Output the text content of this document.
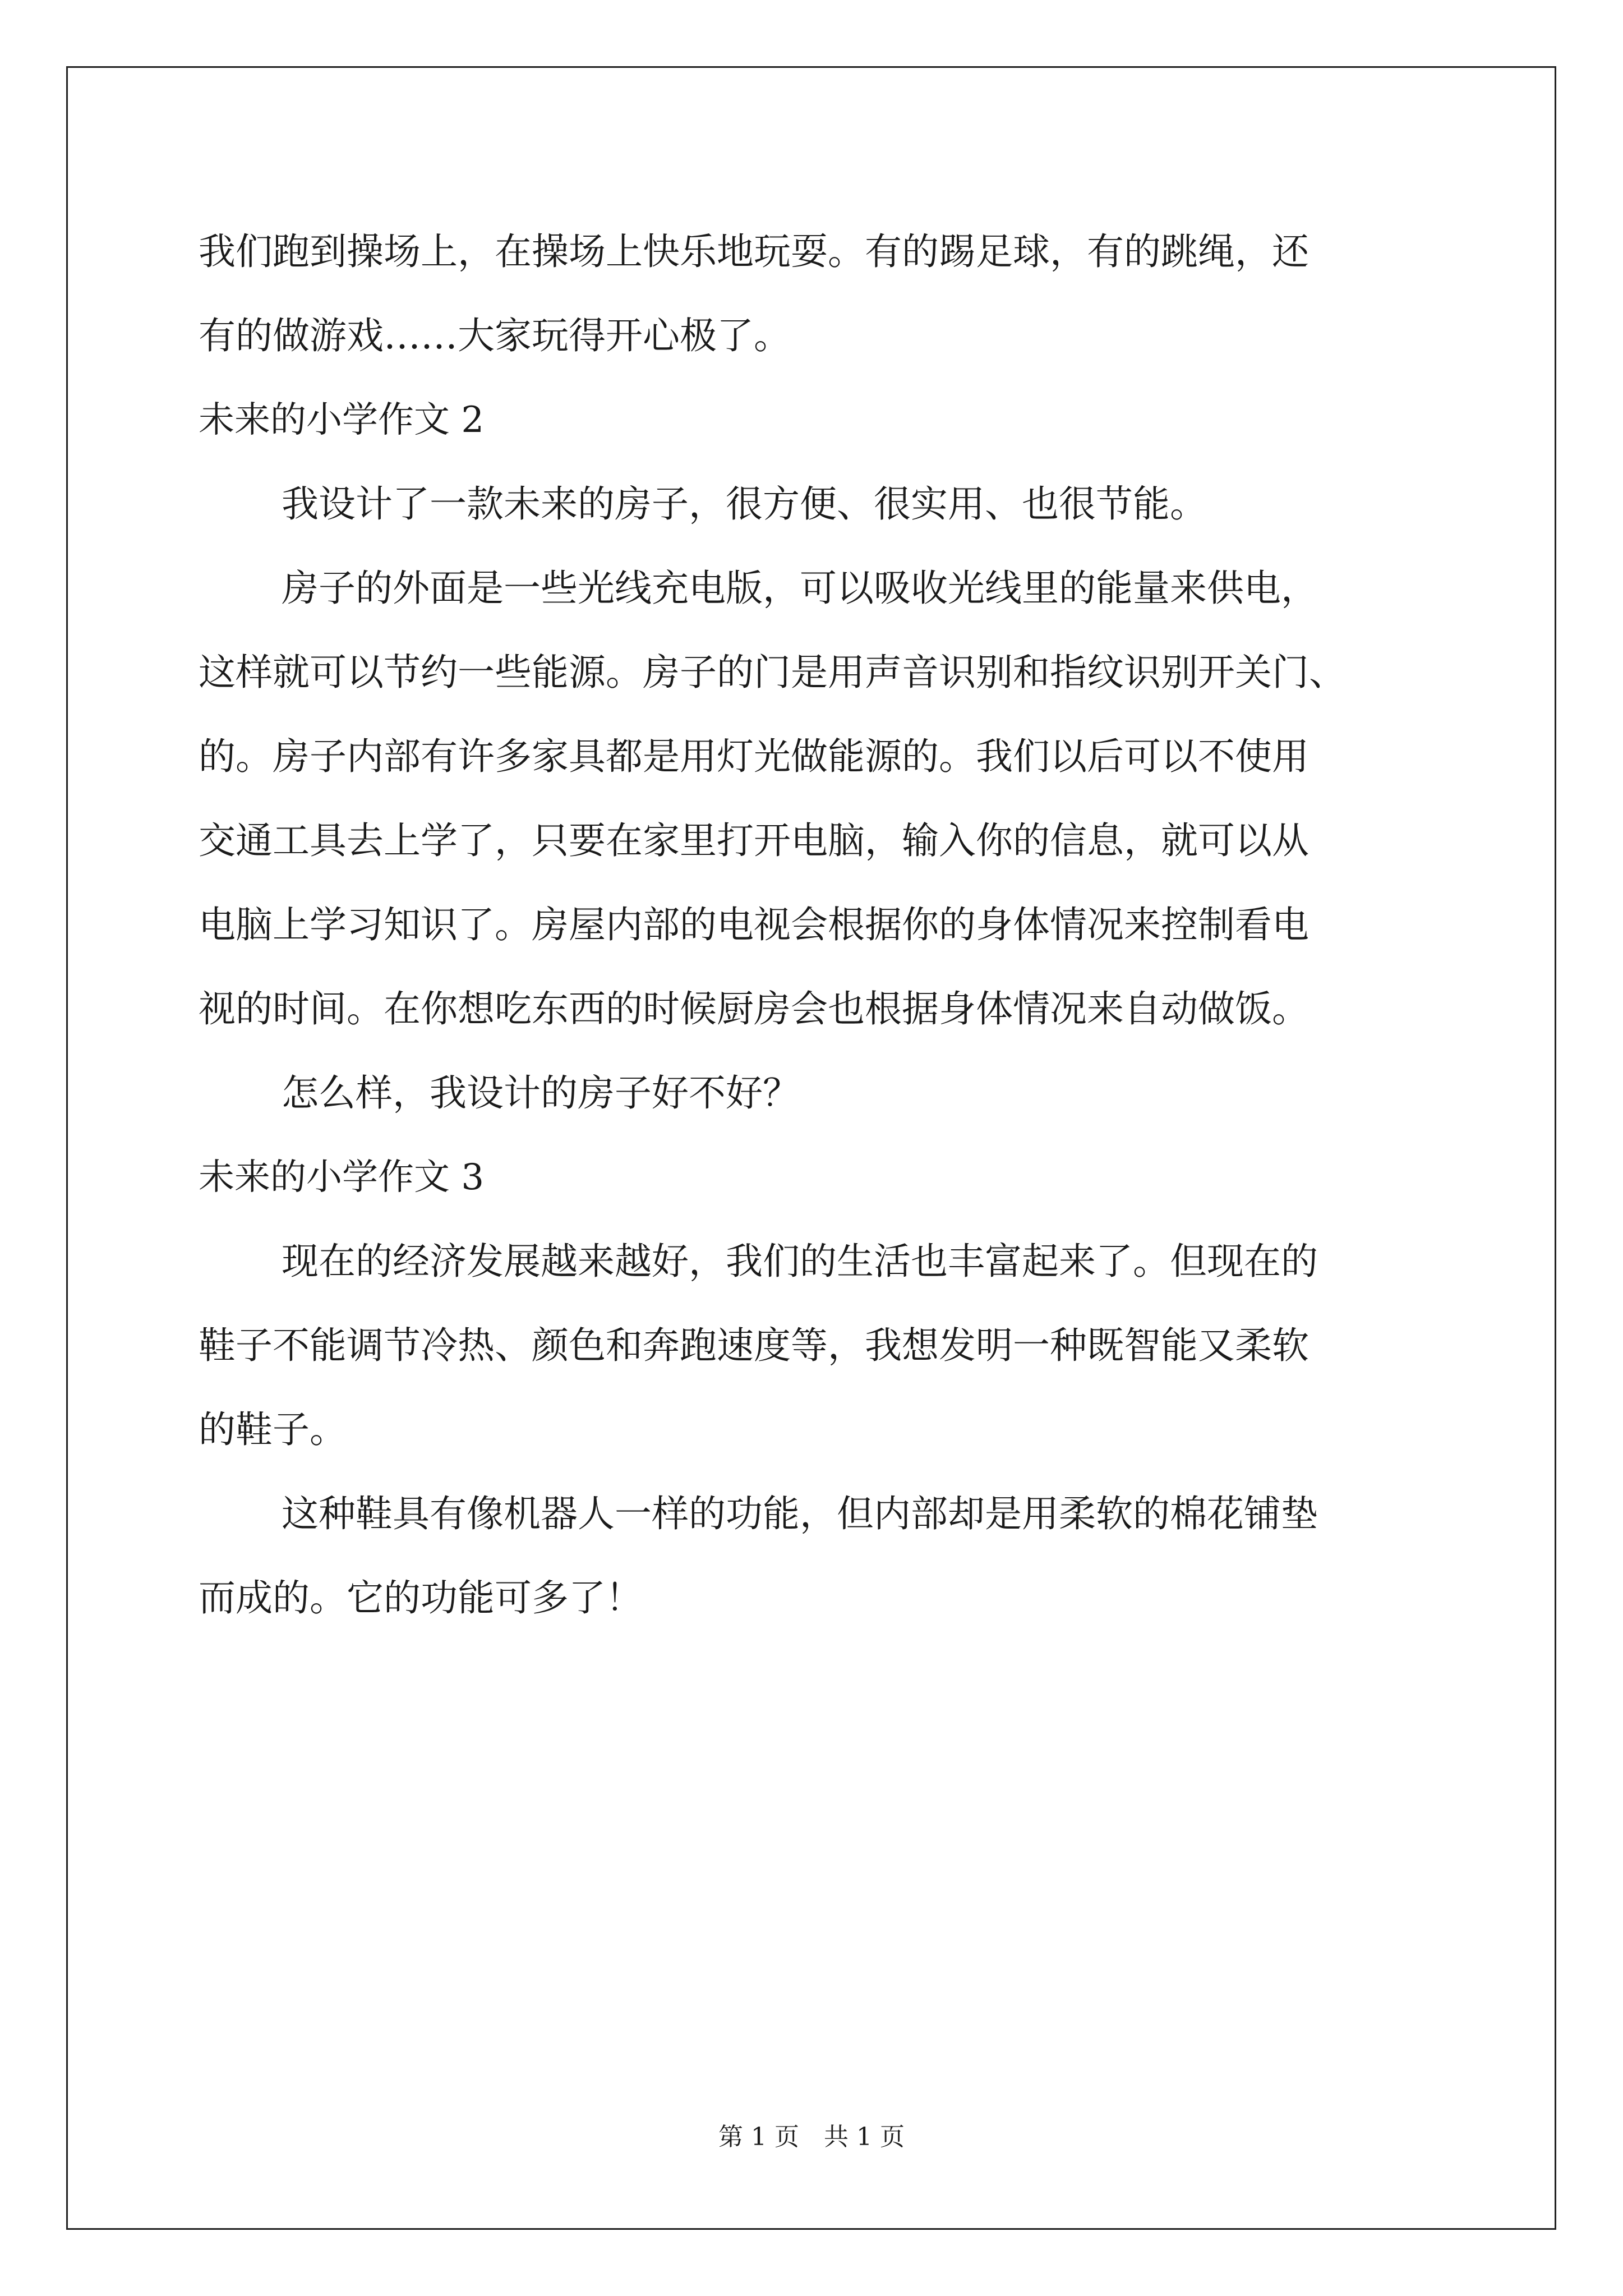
我们跑到操场上，在操场上快乐地玩耍。有的踢足球，有的跳绳，还
有的做游戏……大家玩得开心极了。
未来的小学作文 2
我设计了一款未来的房子，很方便、很实用、也很节能。
房子的外面是一些光线充电版，可以吸收光线里的能量来供电，
这样就可以节约一些能源。房子的门是用声音识别和指纹识别开关门、
的。房子内部有许多家具都是用灯光做能源的。我们以后可以不使用
交通工具去上学了，只要在家里打开电脑，输入你的信息，就可以从
电脑上学习知识了。房屋内部的电视会根据你的身体情况来控制看电
视的时间。在你想吃东西的时候厨房会也根据身体情况来自动做饭。
怎么样，我设计的房子好不好？
未来的小学作文 3
现在的经济发展越来越好，我们的生活也丰富起来了。但现在的
鞋子不能调节冷热、颜色和奔跑速度等，我想发明一种既智能又柔软
的鞋子。
这种鞋具有像机器人一样的功能，但内部却是用柔软的棉花铺垫
而成的。它的功能可多了！
第 1 页　共 1 页
